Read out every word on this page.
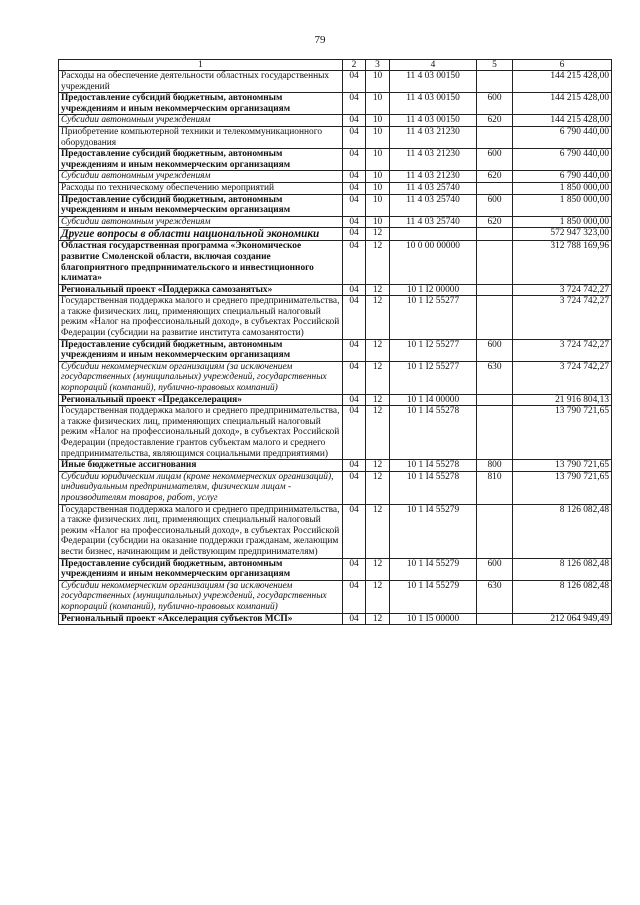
79
1	2	3	4	5	6
Расходы на обеспечение деятельности областных государственных учреждений	04	10	11 4 03 00150		144 215 428,00
Предоставление субсидий бюджетным, автономным учреждениям и иным некоммерческим организациям	04	10	11 4 03 00150	600	144 215 428,00
Субсидии автономным учреждениям	04	10	11 4 03 00150	620	144 215 428,00
Приобретение компьютерной техники и телекоммуникационного оборудования	04	10	11 4 03 21230		6 790 440,00
Предоставление субсидий бюджетным, автономным учреждениям и иным некоммерческим организациям	04	10	11 4 03 21230	600	6 790 440,00
Субсидии автономным учреждениям	04	10	11 4 03 21230	620	6 790 440,00
Расходы по техническому обеспечению мероприятий	04	10	11 4 03 25740		1 850 000,00
Предоставление субсидий бюджетным, автономным учреждениям и иным некоммерческим организациям	04	10	11 4 03 25740	600	1 850 000,00
Субсидии автономным учреждениям	04	10	11 4 03 25740	620	1 850 000,00
Другие вопросы в области национальной экономики	04	12			572 947 323,00
Областная государственная программа «Экономическое развитие Смоленской области, включая создание благоприятного предпринимательского и инвестиционного климата»	04	12	10 0 00 00000		312 788 169,96
Региональный проект «Поддержка самозанятых»	04	12	10 1 I2 00000		3 724 742,27
Государственная поддержка малого и среднего предпринимательства, а также физических лиц, применяющих специальный налоговый режим «Налог на профессиональный доход», в субъектах Российской Федерации (субсидии на развитие института самозанятости)	04	12	10 1 I2 55277		3 724 742,27
Предоставление субсидий бюджетным, автономным учреждениям и иным некоммерческим организациям	04	12	10 1 I2 55277	600	3 724 742,27
Субсидии некоммерческим организациям (за исключением государственных (муниципальных) учреждений, государственных корпораций (компаний), публично-правовых компаний)	04	12	10 1 I2 55277	630	3 724 742,27
Региональный проект «Предакселерация»	04	12	10 1 I4 00000		21 916 804,13
Государственная поддержка малого и среднего предпринимательства, а также физических лиц, применяющих специальный налоговый режим «Налог на профессиональный доход», в субъектах Российской Федерации (предоставление грантов субъектам малого и среднего предпринимательства, являющимся социальными предприятиями)	04	12	10 1 I4 55278		13 790 721,65
Иные бюджетные ассигнования	04	12	10 1 I4 55278	800	13 790 721,65
Субсидии юридическим лицам (кроме некоммерческих организаций), индивидуальным предпринимателям, физическим лицам - производителям товаров, работ, услуг	04	12	10 1 I4 55278	810	13 790 721,65
Государственная поддержка малого и среднего предпринимательства, а также физических лиц, применяющих специальный налоговый режим «Налог на профессиональный доход», в субъектах Российской Федерации (субсидии на оказание поддержки гражданам, желающим вести бизнес, начинающим и действующим предпринимателям)	04	12	10 1 I4 55279		8 126 082,48
Предоставление субсидий бюджетным, автономным учреждениям и иным некоммерческим организациям	04	12	10 1 I4 55279	600	8 126 082,48
Субсидии некоммерческим организациям (за исключением государственных (муниципальных) учреждений, государственных корпораций (компаний), публично-правовых компаний)	04	12	10 1 I4 55279	630	8 126 082,48
Региональный проект «Акселерация субъектов МСП»	04	12	10 1 I5 00000		212 064 949,49
